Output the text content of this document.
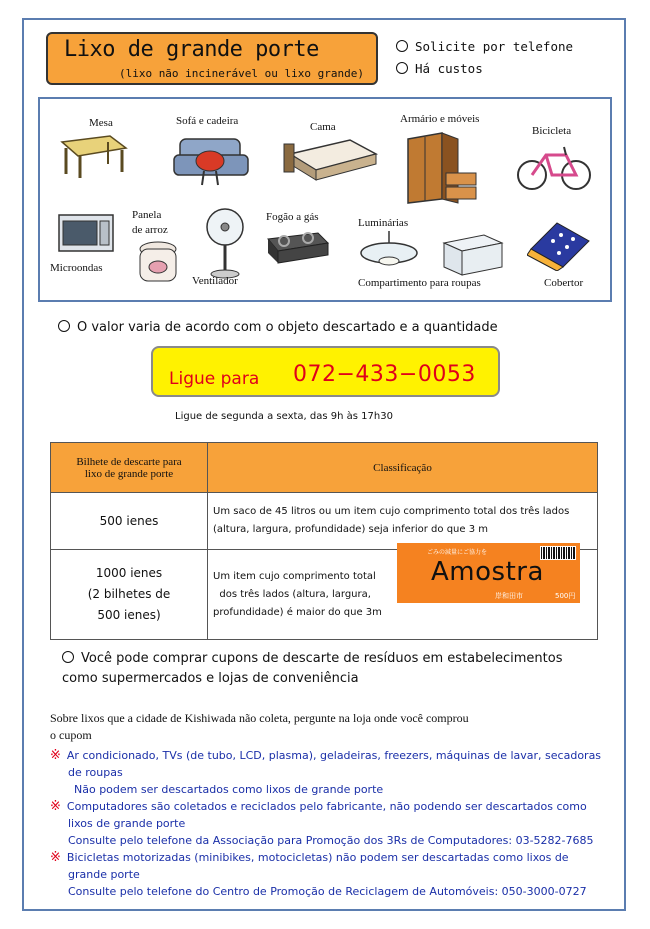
Lixo de grande porte
(lixo não incinerável ou lixo grande)
Solicite por telefone
Há custos
Mesa	Sofá e cadeira	Cama
Armário e móveis
Bicicleta
Microondas
Panela
de arroz
Ventilador
Fogão a gás	Luminárias
Compartimento para roupas	Cobertor
O valor varia de acordo com o objeto descartado e a quantidade
Ligue para 072−433−0053
Ligue de segunda a sexta, das 9h às 17h30
Bilhete de descarte para
lixo de grande porte	Classificação
500 ienes	Um saco de 45 litros ou um item cujo comprimento total dos três lados
(altura, largura, profundidade) seja inferior do que 3 m
1000 ienes
(2 bilhetes de
500 ienes)	Um item cujo comprimento total
dos três lados (altura, largura,
profundidade) é maior do que 3m
ごみの減量にご協力を
Amostra
岸和田市	500円
Você pode comprar cupons de descarte de resíduos em estabelecimentos
como supermercados e lojas de conveniência
Sobre lixos que a cidade de Kishiwada não coleta, pergunte na loja onde você comprou
o cupom
※ Ar condicionado, TVs (de tubo, LCD, plasma), geladeiras, freezers, máquinas de lavar, secadoras

de roupas
Não podem ser descartados como lixos de grande porte
※ Computadores são coletados e reciclados pelo fabricante, não podendo ser descartados como

lixos de grande porte
Consulte pelo telefone da Associação para Promoção dos 3Rs de Computadores: 03-5282-7685
※ Bicicletas motorizadas (minibikes, motocicletas) não podem ser descartadas como lixos de

grande porte
Consulte pelo telefone do Centro de Promoção de Reciclagem de Automóveis: 050-3000-0727
